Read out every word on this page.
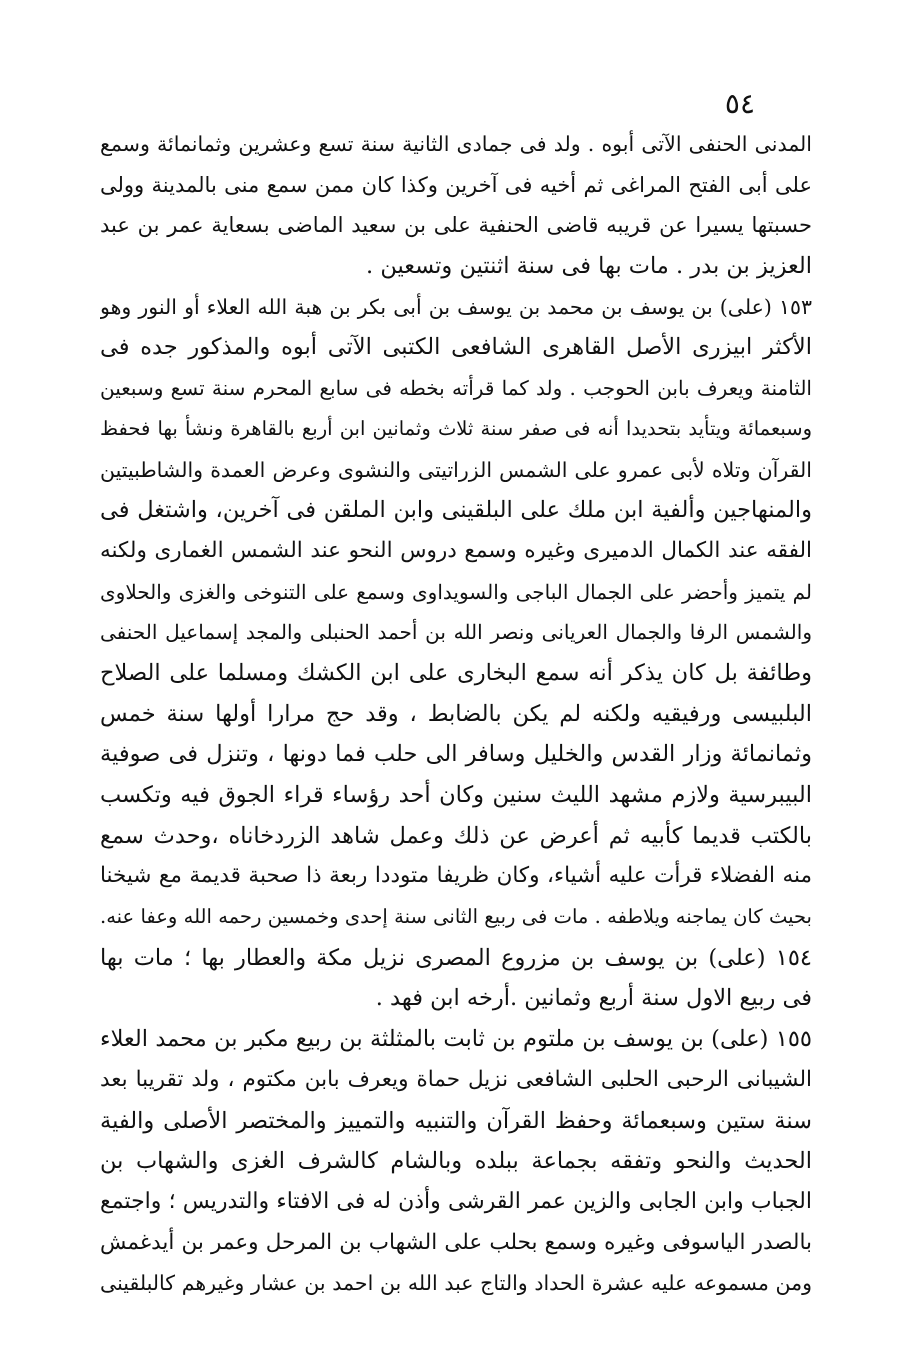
٥٤
المدنى الحنفى الآتى أبوه . ولد فى جمادى الثانية سنة تسع وعشرين وثمانمائة وسمع
على أبى الفتح المراغى ثم أخيه فى آخرين وكذا كان ممن سمع منى بالمدينة وولى
حسبتها يسيرا عن قريبه قاضى الحنفية على بن سعيد الماضى بسعاية عمر بن عبد
العزيز بن بدر . مات بها فى سنة اثنتين وتسعين .
١٥٣ (على) بن يوسف بن محمد بن يوسف بن أبى بكر بن هبة الله العلاء أو النور وهو
الأكثر ابيزرى الأصل القاهرى الشافعى الكتبى الآتى أبوه والمذكور جده فى
الثامنة ويعرف بابن الحوجب . ولد كما قرأته بخطه فى سابع المحرم سنة تسع وسبعين
وسبعمائة ويتأيد بتحديدا أنه فى صفر سنة ثلاث وثمانين ابن أربع بالقاهرة ونشأ بها فحفظ
القرآن وتلاه لأبى عمرو على الشمس الزراتيتى والنشوى وعرض العمدة والشاطبيتين
والمنهاجين وألفية ابن ملك على البلقينى وابن الملقن فى آخرين، واشتغل فى
الفقه عند الكمال الدميرى وغيره وسمع دروس النحو عند الشمس الغمارى ولكنه
لم يتميز وأحضر على الجمال الباجى والسويداوى وسمع على التنوخى والغزى والحلاوى
والشمس الرفا والجمال العريانى ونصر الله بن أحمد الحنبلى والمجد إسماعيل الحنفى
وطائفة بل كان يذكر أنه سمع البخارى على ابن الكشك ومسلما على الصلاح
البلبيسى ورفيقيه ولكنه لم يكن بالضابط ، وقد حج مرارا أولها سنة خمس
وثمانمائة وزار القدس والخليل وسافر الى حلب فما دونها ، وتنزل فى صوفية
البيبرسية ولازم مشهد الليث سنين وكان أحد رؤساء قراء الجوق فيه وتكسب
بالكتب قديما كأبيه ثم أعرض عن ذلك وعمل شاهد الزردخاناه ،وحدث سمع
منه الفضلاء قرأت عليه أشياء، وكان ظريفا متوددا ربعة ذا صحبة قديمة مع شيخنا
بحيث كان يماجنه ويلاطفه . مات فى ربيع الثانى سنة إحدى وخمسين رحمه الله وعفا عنه.
١٥٤ (على) بن يوسف بن مزروع المصرى نزيل مكة والعطار بها ؛ مات بها
فى ربيع الاول سنة أربع وثمانين .أرخه ابن فهد .
١٥٥ (على) بن يوسف بن ملتوم بن ثابت بالمثلثة بن ربيع مكبر بن محمد العلاء
الشيبانى الرحبى الحلبى الشافعى نزيل حماة ويعرف بابن مكتوم ، ولد تقريبا بعد
سنة ستين وسبعمائة وحفظ القرآن والتنبيه والتمييز والمختصر الأصلى والفية
الحديث والنحو وتفقه بجماعة ببلده وبالشام كالشرف الغزى والشهاب بن
الجباب وابن الجابى والزين عمر القرشى وأذن له فى الافتاء والتدريس ؛ واجتمع
بالصدر الياسوفى وغيره وسمع بحلب على الشهاب بن المرحل وعمر بن أيدغمش
ومن مسموعه عليه عشرة الحداد والتاج عبد الله بن احمد بن عشار وغيرهم كالبلقينى
